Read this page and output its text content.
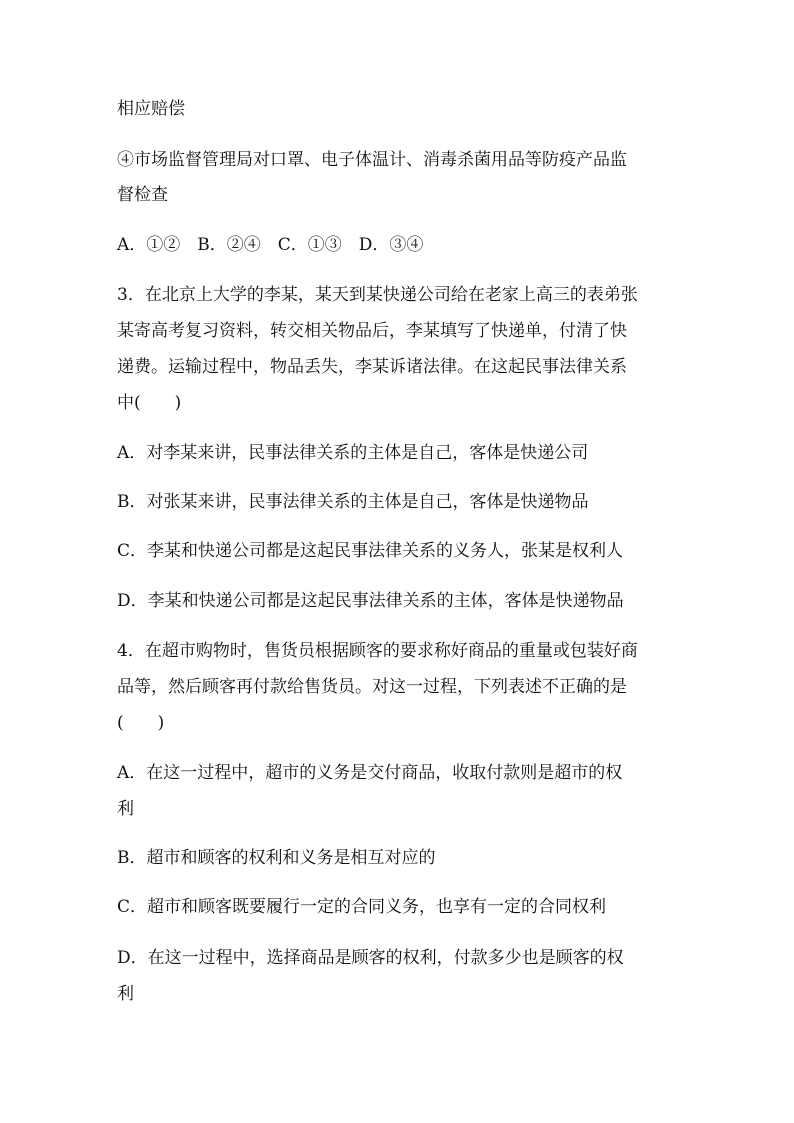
相应赔偿
④市场监督管理局对口罩、电子体温计、消毒杀菌用品等防疫产品监
督检查
A．①②　B．②④　C．①③　D．③④
3．在北京上大学的李某，某天到某快递公司给在老家上高三的表弟张
某寄高考复习资料，转交相关物品后，李某填写了快递单，付清了快
递费。运输过程中，物品丢失，李某诉诸法律。在这起民事法律关系
中(　　)
A．对李某来讲，民事法律关系的主体是自己，客体是快递公司
B．对张某来讲，民事法律关系的主体是自己，客体是快递物品
C．李某和快递公司都是这起民事法律关系的义务人，张某是权利人
D．李某和快递公司都是这起民事法律关系的主体，客体是快递物品
4．在超市购物时，售货员根据顾客的要求称好商品的重量或包装好商
品等，然后顾客再付款给售货员。对这一过程，下列表述不正确的是
(　　)
A．在这一过程中，超市的义务是交付商品，收取付款则是超市的权
利
B．超市和顾客的权利和义务是相互对应的
C．超市和顾客既要履行一定的合同义务，也享有一定的合同权利
D．在这一过程中，选择商品是顾客的权利，付款多少也是顾客的权
利
